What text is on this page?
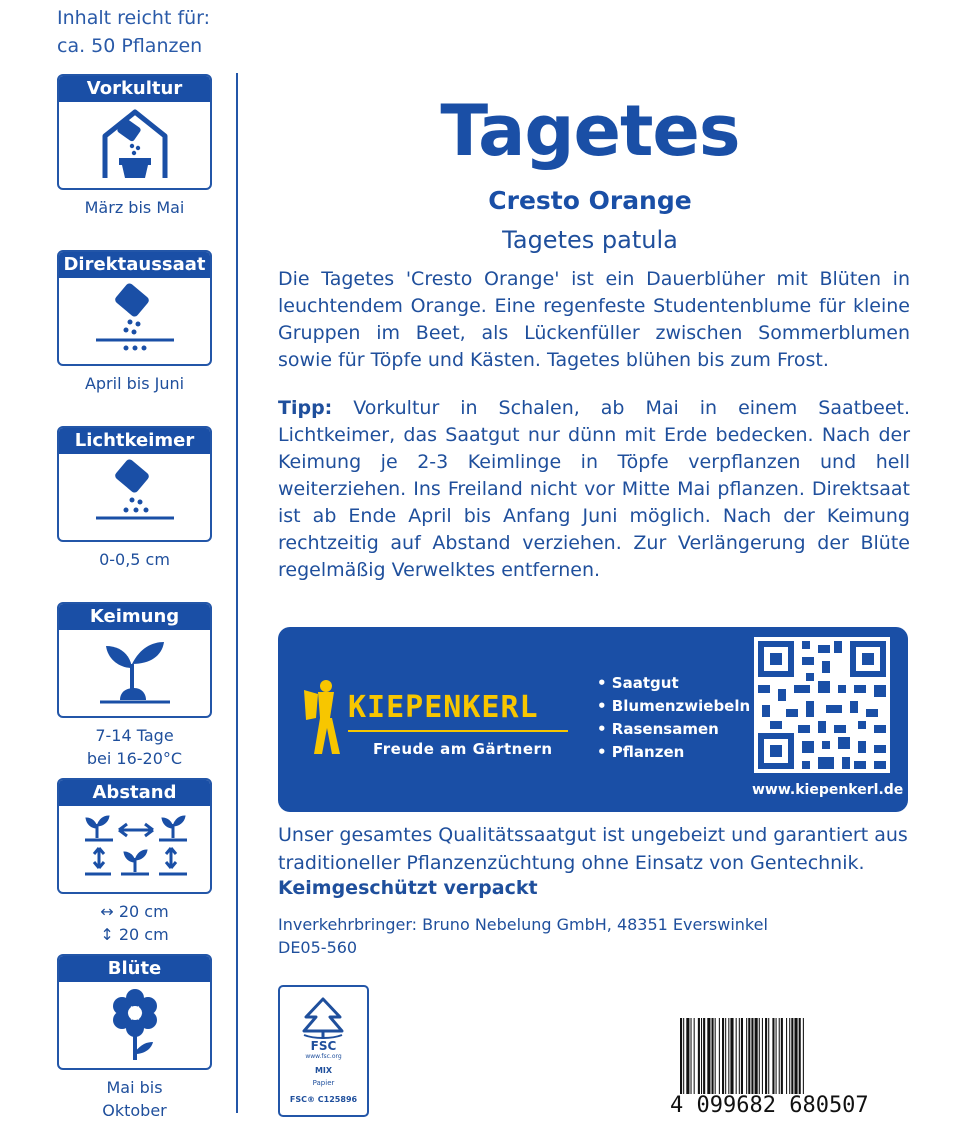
Inhalt reicht für:
ca. 50 Pflanzen
Vorkultur
März bis Mai
Direktaussaat
April bis Juni
Lichtkeimer
0-0,5 cm
Keimung
7-14 Tage
bei 16-20°C
Abstand
↔ 20 cm
↕ 20 cm
Blüte
Mai bis
Oktober
Tagetes
Cresto Orange
Tagetes patula
Die Tagetes 'Cresto Orange' ist ein Dauerblüher mit Blüten in leuchtendem Orange. Eine regenfeste Studentenblume für kleine Gruppen im Beet, als Lückenfüller zwischen Sommerblumen sowie für Töpfe und Kästen. Tagetes blühen bis zum Frost.
Tipp: Vorkultur in Schalen, ab Mai in einem Saatbeet. Lichtkeimer, das Saatgut nur dünn mit Erde bedecken. Nach der Keimung je 2-3 Keimlinge in Töpfe verpflanzen und hell weiterziehen. Ins Freiland nicht vor Mitte Mai pflanzen. Direktsaat ist ab Ende April bis Anfang Juni möglich. Nach der Keimung rechtzeitig auf Abstand verziehen. Zur Verlängerung der Blüte regelmäßig Verwelktes entfernen.
KIEPENKERL
Freude am Gärtnern
• Saatgut
• Blumenzwiebeln
• Rasensamen
• Pflanzen
www.kiepenkerl.de
Unser gesamtes Qualitätssaatgut ist ungebeizt und garantiert aus traditioneller Pflanzenzüchtung ohne Einsatz von Gentechnik.
Keimgeschützt verpackt
Inverkehrbringer: Bruno Nebelung GmbH, 48351 Everswinkel
DE05-560
FSC
www.fsc.org
MIX
Papier
FSC® C125896	4 099682 680507
